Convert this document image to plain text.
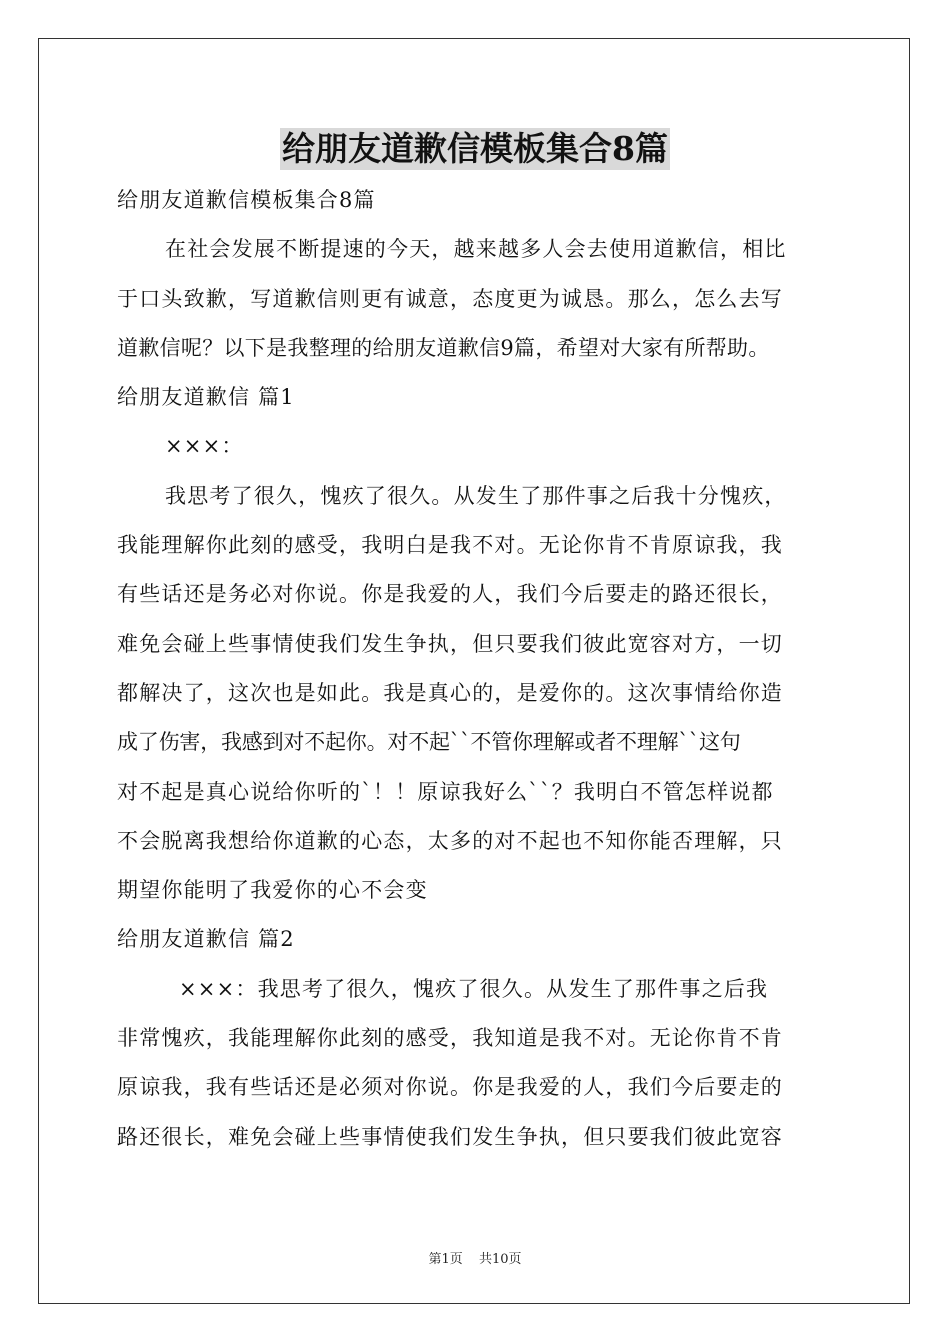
给朋友道歉信模板集合8篇
给朋友道歉信模板集合8篇
在社会发展不断提速的今天，越来越多人会去使用道歉信，相比
于口头致歉，写道歉信则更有诚意，态度更为诚恳。那么，怎么去写
道歉信呢？以下是我整理的给朋友道歉信9篇，希望对大家有所帮助。
给朋友道歉信 篇1
×××：
我思考了很久，愧疚了很久。从发生了那件事之后我十分愧疚，
我能理解你此刻的感受，我明白是我不对。无论你肯不肯原谅我，我
有些话还是务必对你说。你是我爱的人，我们今后要走的路还很长，
难免会碰上些事情使我们发生争执，但只要我们彼此宽容对方，一切
都解决了，这次也是如此。我是真心的，是爱你的。这次事情给你造
成了伤害，我感到对不起你。对不起``不管你理解或者不理解``这句
对不起是真心说给你听的`！！原谅我好么``？我明白不管怎样说都
不会脱离我想给你道歉的心态，太多的对不起也不知你能否理解，只
期望你能明了我爱你的心不会变
给朋友道歉信 篇2
×××：我思考了很久，愧疚了很久。从发生了那件事之后我
非常愧疚，我能理解你此刻的感受，我知道是我不对。无论你肯不肯
原谅我，我有些话还是必须对你说。你是我爱的人，我们今后要走的
路还很长，难免会碰上些事情使我们发生争执，但只要我们彼此宽容
第1页 共10页
